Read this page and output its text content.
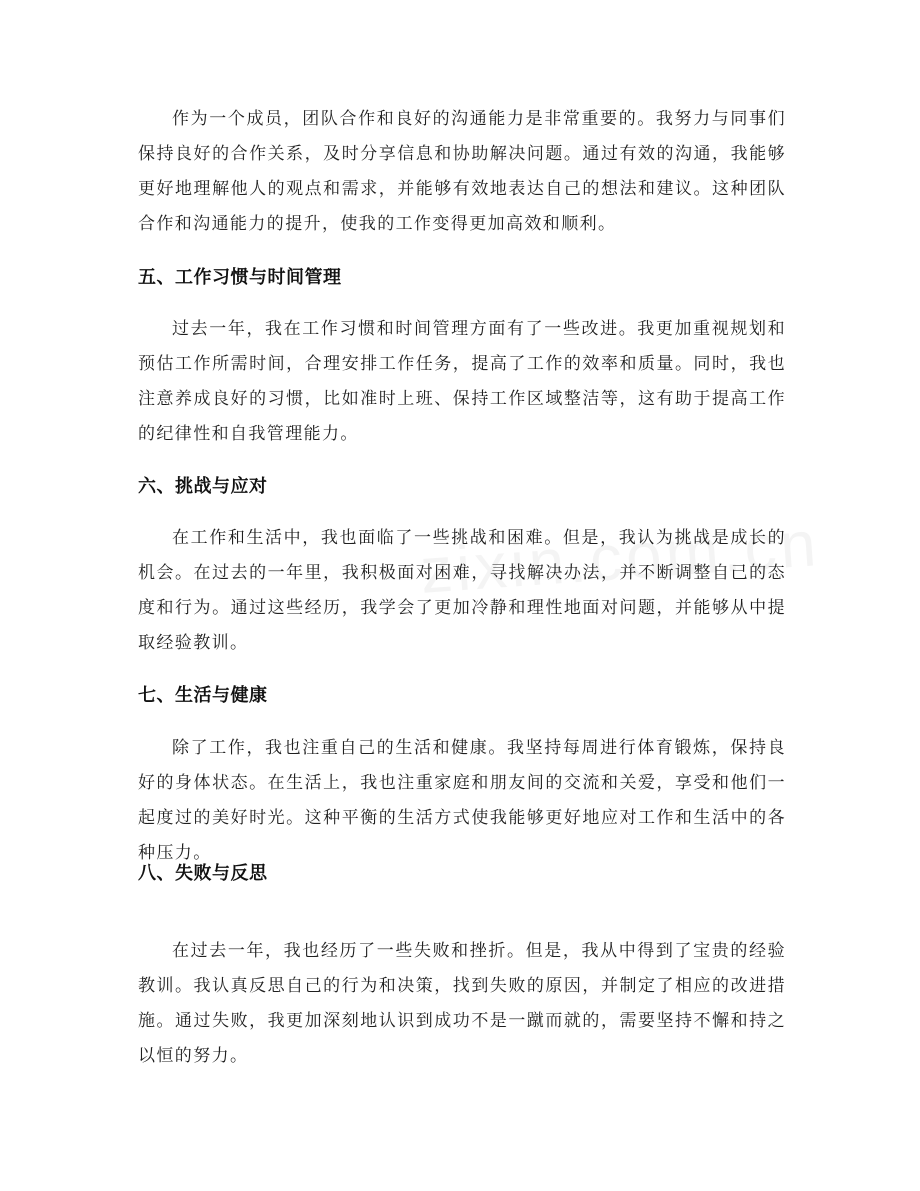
作为一个成员，团队合作和良好的沟通能力是非常重要的。我努力与同事们保持良好的合作关系，及时分享信息和协助解决问题。通过有效的沟通，我能够更好地理解他人的观点和需求，并能够有效地表达自己的想法和建议。这种团队合作和沟通能力的提升，使我的工作变得更加高效和顺利。

五、工作习惯与时间管理

过去一年，我在工作习惯和时间管理方面有了一些改进。我更加重视规划和预估工作所需时间，合理安排工作任务，提高了工作的效率和质量。同时，我也注意养成良好的习惯，比如准时上班、保持工作区域整洁等，这有助于提高工作的纪律性和自我管理能力。

六、挑战与应对

在工作和生活中，我也面临了一些挑战和困难。但是，我认为挑战是成长的机会。在过去的一年里，我积极面对困难，寻找解决办法，并不断调整自己的态度和行为。通过这些经历，我学会了更加冷静和理性地面对问题，并能够从中提取经验教训。

七、生活与健康

除了工作，我也注重自己的生活和健康。我坚持每周进行体育锻炼，保持良好的身体状态。在生活上，我也注重家庭和朋友间的交流和关爱，享受和他们一起度过的美好时光。这种平衡的生活方式使我能够更好地应对工作和生活中的各种压力。

八、失败与反思

在过去一年，我也经历了一些失败和挫折。但是，我从中得到了宝贵的经验教训。我认真反思自己的行为和决策，找到失败的原因，并制定了相应的改进措施。通过失败，我更加深刻地认识到成功不是一蹴而就的，需要坚持不懈和持之以恒的努力。
